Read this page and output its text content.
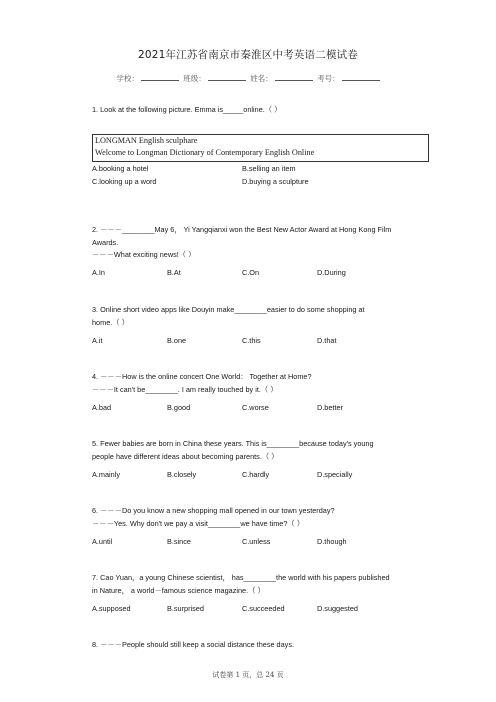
2021年江苏省南京市秦淮区中考英语二模试卷
学校：	班级：	姓名：	考号：
1. Look at the following picture. Emma is_____online.（ ）
LONGMAN English sculphare
Welcome to Longman Dictionary of Contemporary English Online
A.booking a hotel	B.selling an item
C.looking up a word	D.buying a sculpture
2. －－－________May 6， Yi Yangqianxi won the Best New Actor Award at Hong Kong Film
Awards.
－－－What exciting news!（ ）
A.In	B.At	C.On	D.During
3. Online short video apps like Douyin make________easier to do some shopping at
home.（ ）
A.it	B.one	C.this	D.that
4. －－－How is the online concert One World： Together at Home?
－－－It can't be________. I am really touched by it.（ ）
A.bad	B.good	C.worse	D.better
5. Fewer babies are born in China these years. This is________because today's young
people have different ideas about becoming parents.（ ）
A.mainly	B.closely	C.hardly	D.specially
6. －－－Do you know a new shopping mall opened in our town yesterday?
－－－Yes. Why don't we pay a visit________we have time?（ ）
A.until	B.since	C.unless	D.though
7. Cao Yuan，a young Chinese scientist， has________the world with his papers published
in Nature， a world－famous science magazine.（ ）
A.supposed	B.surprised	C.succeeded	D.suggested
8. －－－People should still keep a social distance these days.
试卷第 1 页，总 24 页
